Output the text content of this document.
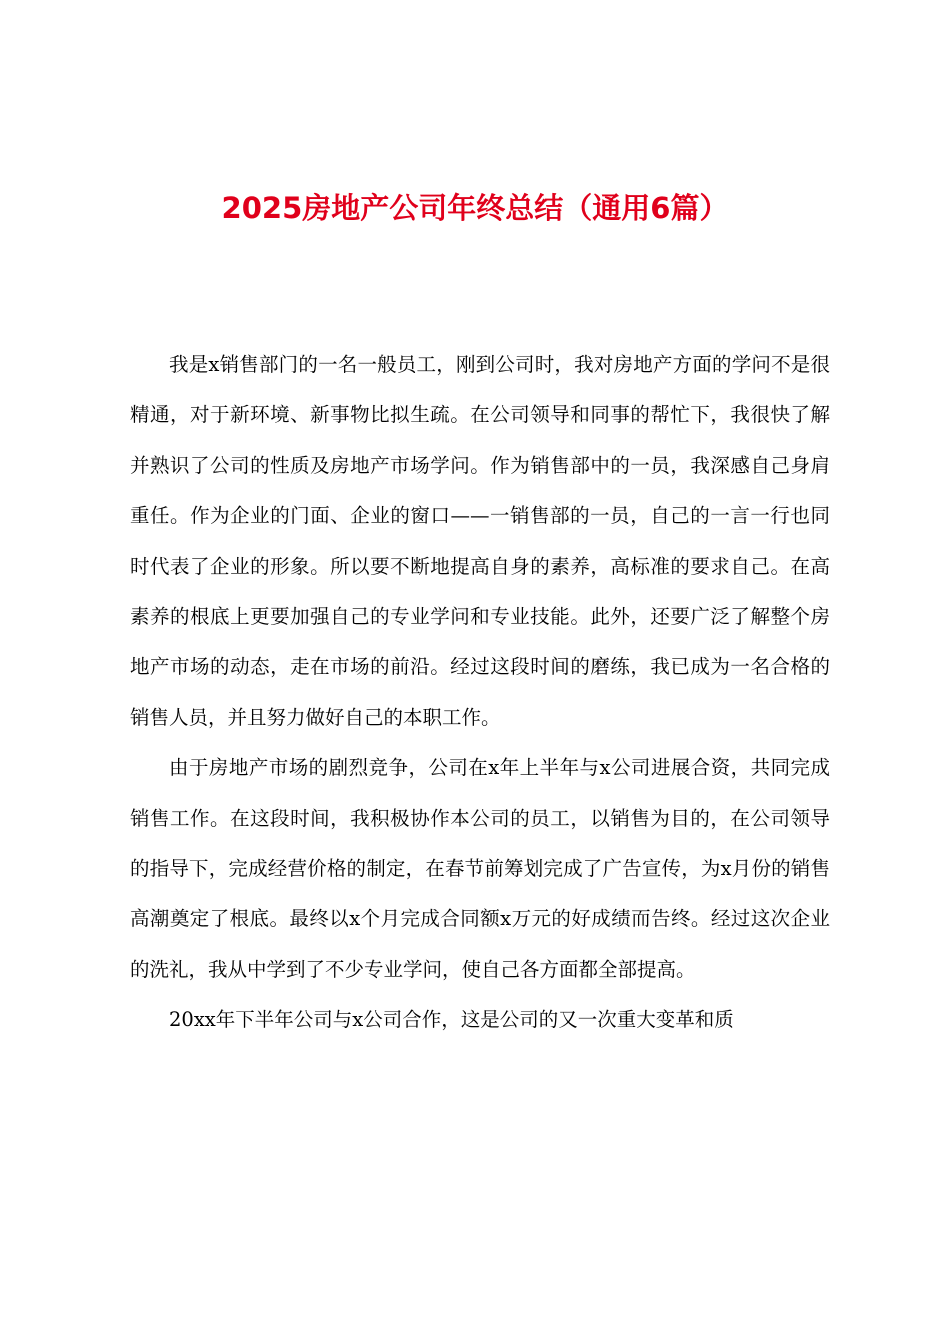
2025房地产公司年终总结（通用6篇）

我是x销售部门的一名一般员工，刚到公司时，我对房地产方面的学问不是很精通，对于新环境、新事物比拟生疏。在公司领导和同事的帮忙下，我很快了解并熟识了公司的性质及房地产市场学问。作为销售部中的一员，我深感自己身肩重任。作为企业的门面、企业的窗口——一销售部的一员，自己的一言一行也同时代表了企业的形象。所以要不断地提高自身的素养，高标准的要求自己。在高素养的根底上更要加强自己的专业学问和专业技能。此外，还要广泛了解整个房地产市场的动态，走在市场的前沿。经过这段时间的磨练，我已成为一名合格的销售人员，并且努力做好自己的本职工作。

由于房地产市场的剧烈竞争，公司在x年上半年与x公司进展合资，共同完成销售工作。在这段时间，我积极协作本公司的员工，以销售为目的，在公司领导的指导下，完成经营价格的制定，在春节前筹划完成了广告宣传，为x月份的销售高潮奠定了根底。最终以x个月完成合同额x万元的好成绩而告终。经过这次企业的洗礼，我从中学到了不少专业学问，使自己各方面都全部提高。

20xx年下半年公司与x公司合作，这是公司的又一次重大变革和质
